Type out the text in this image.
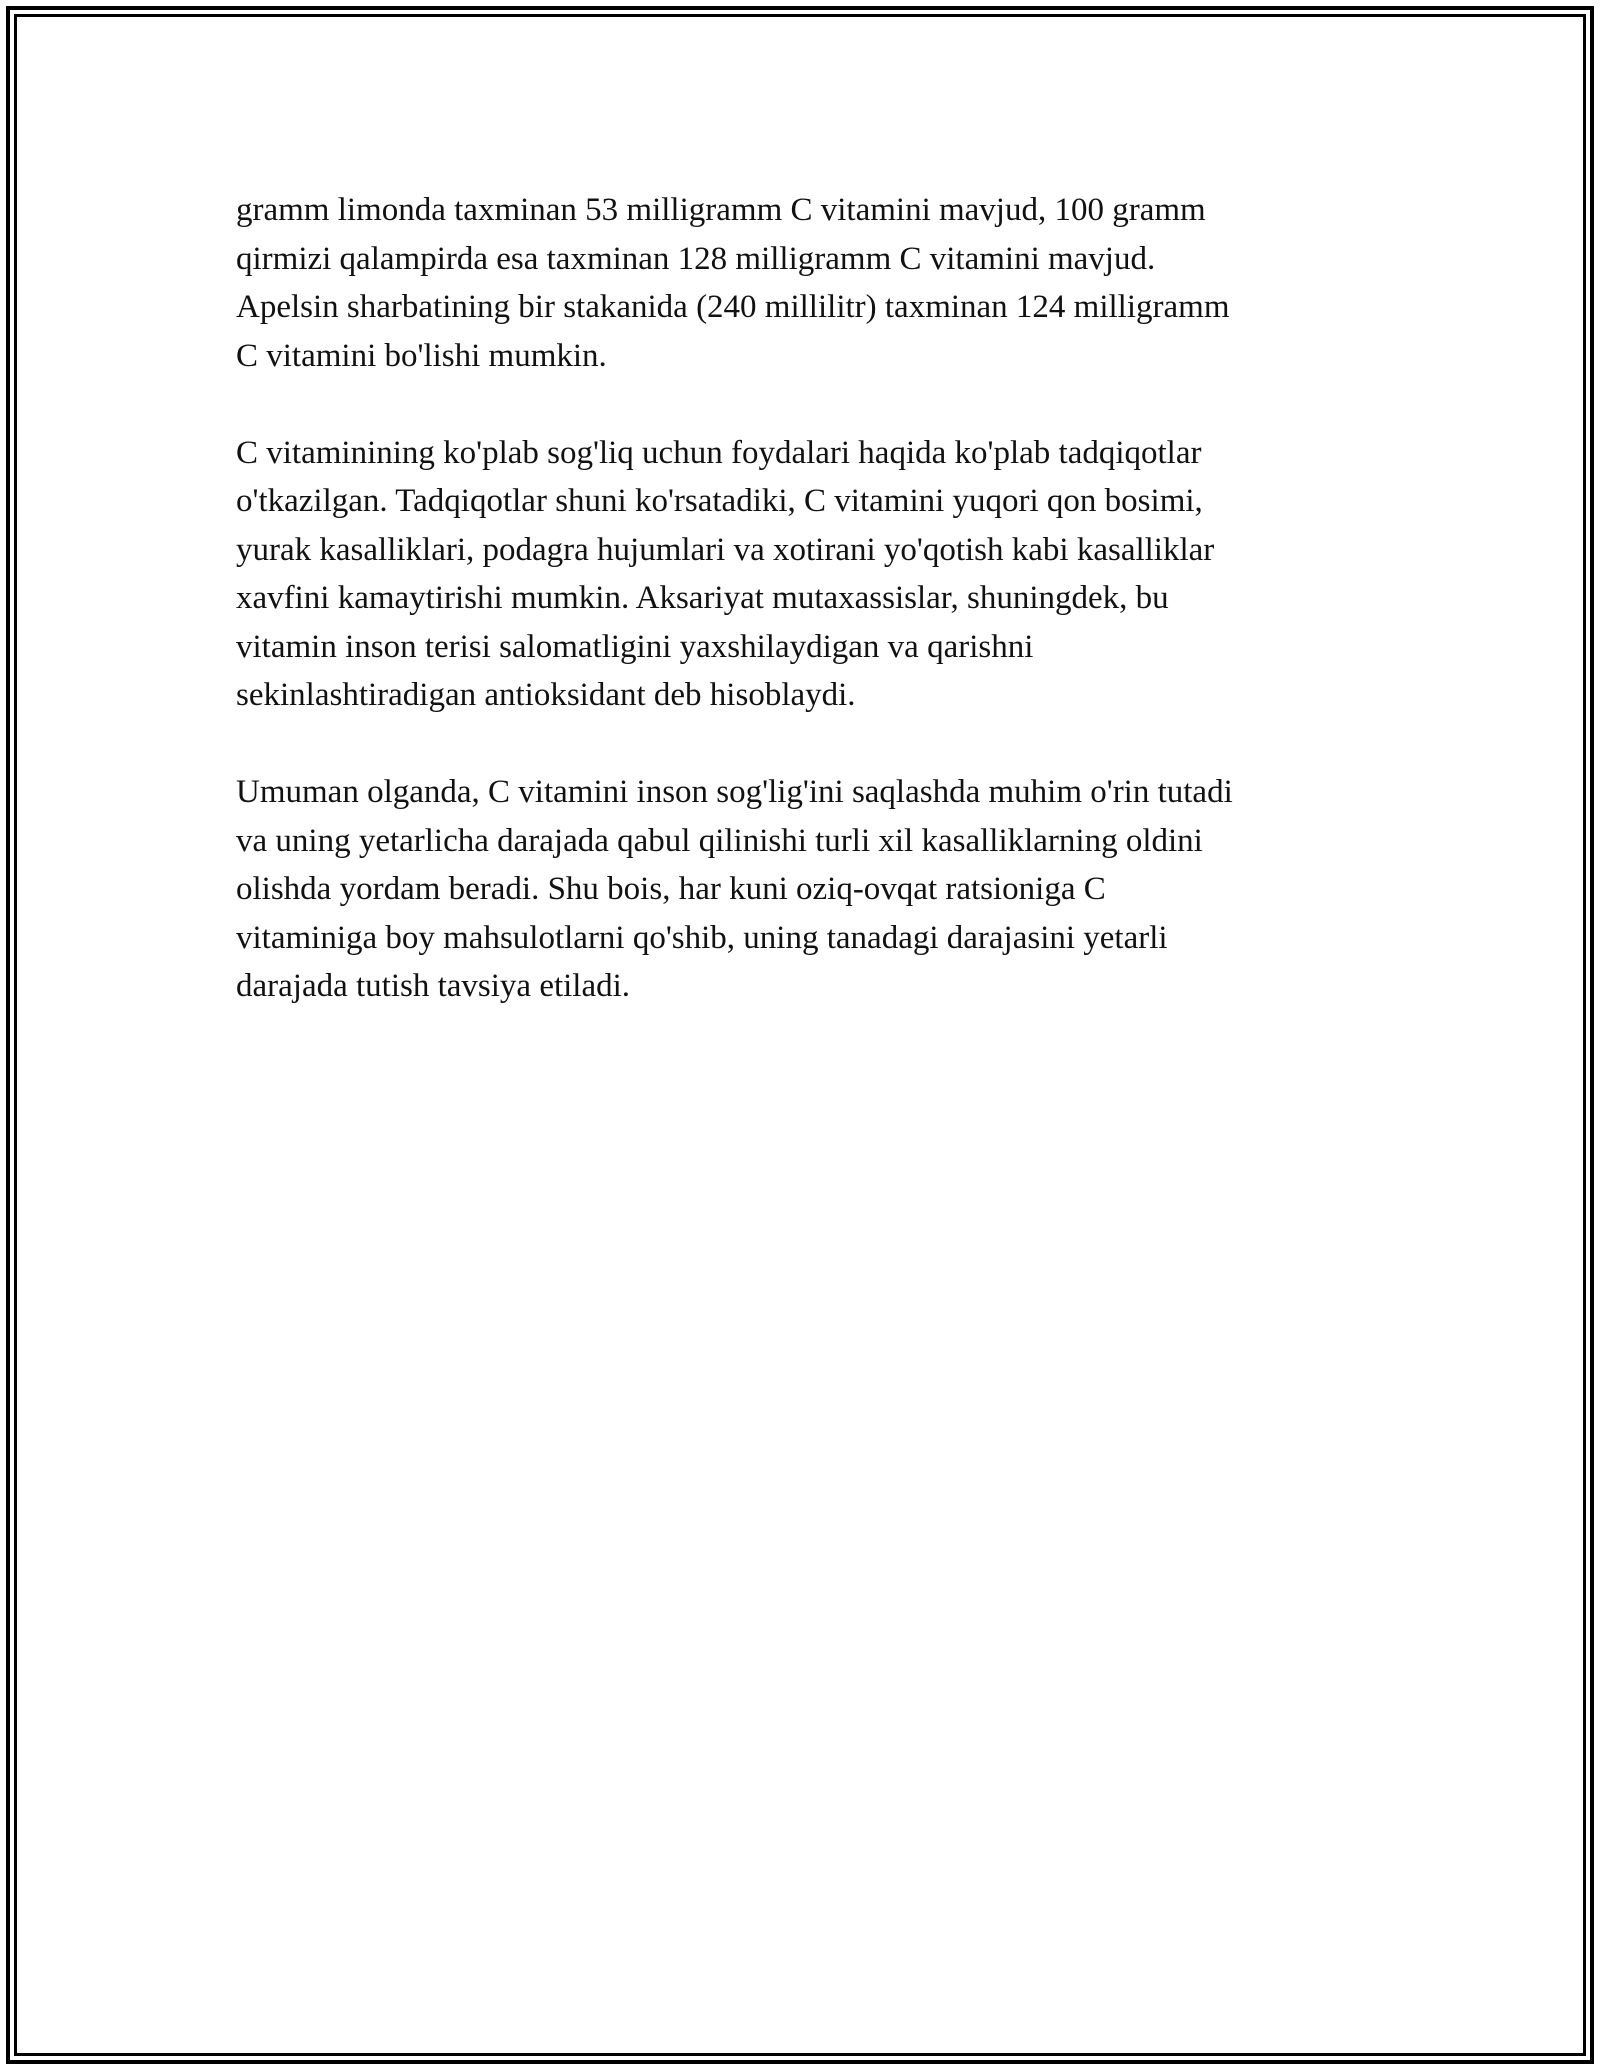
gramm limonda taxminan 53 milligramm C vitamini mavjud, 100 gramm
qirmizi qalampirda esa taxminan 128 milligramm C vitamini mavjud.
Apelsin sharbatining bir stakanida (240 millilitr) taxminan 124 milligramm
C vitamini bo'lishi mumkin.

C vitaminining ko'plab sog'liq uchun foydalari haqida ko'plab tadqiqotlar
o'tkazilgan. Tadqiqotlar shuni ko'rsatadiki, C vitamini yuqori qon bosimi,
yurak kasalliklari, podagra hujumlari va xotirani yo'qotish kabi kasalliklar
xavfini kamaytirishi mumkin. Aksariyat mutaxassislar, shuningdek, bu
vitamin inson terisi salomatligini yaxshilaydigan va qarishni
sekinlashtiradigan antioksidant deb hisoblaydi.

Umuman olganda, C vitamini inson sog'lig'ini saqlashda muhim o'rin tutadi
va uning yetarlicha darajada qabul qilinishi turli xil kasalliklarning oldini
olishda yordam beradi. Shu bois, har kuni oziq-ovqat ratsioniga C
vitaminiga boy mahsulotlarni qo'shib, uning tanadagi darajasini yetarli
darajada tutish tavsiya etiladi.
